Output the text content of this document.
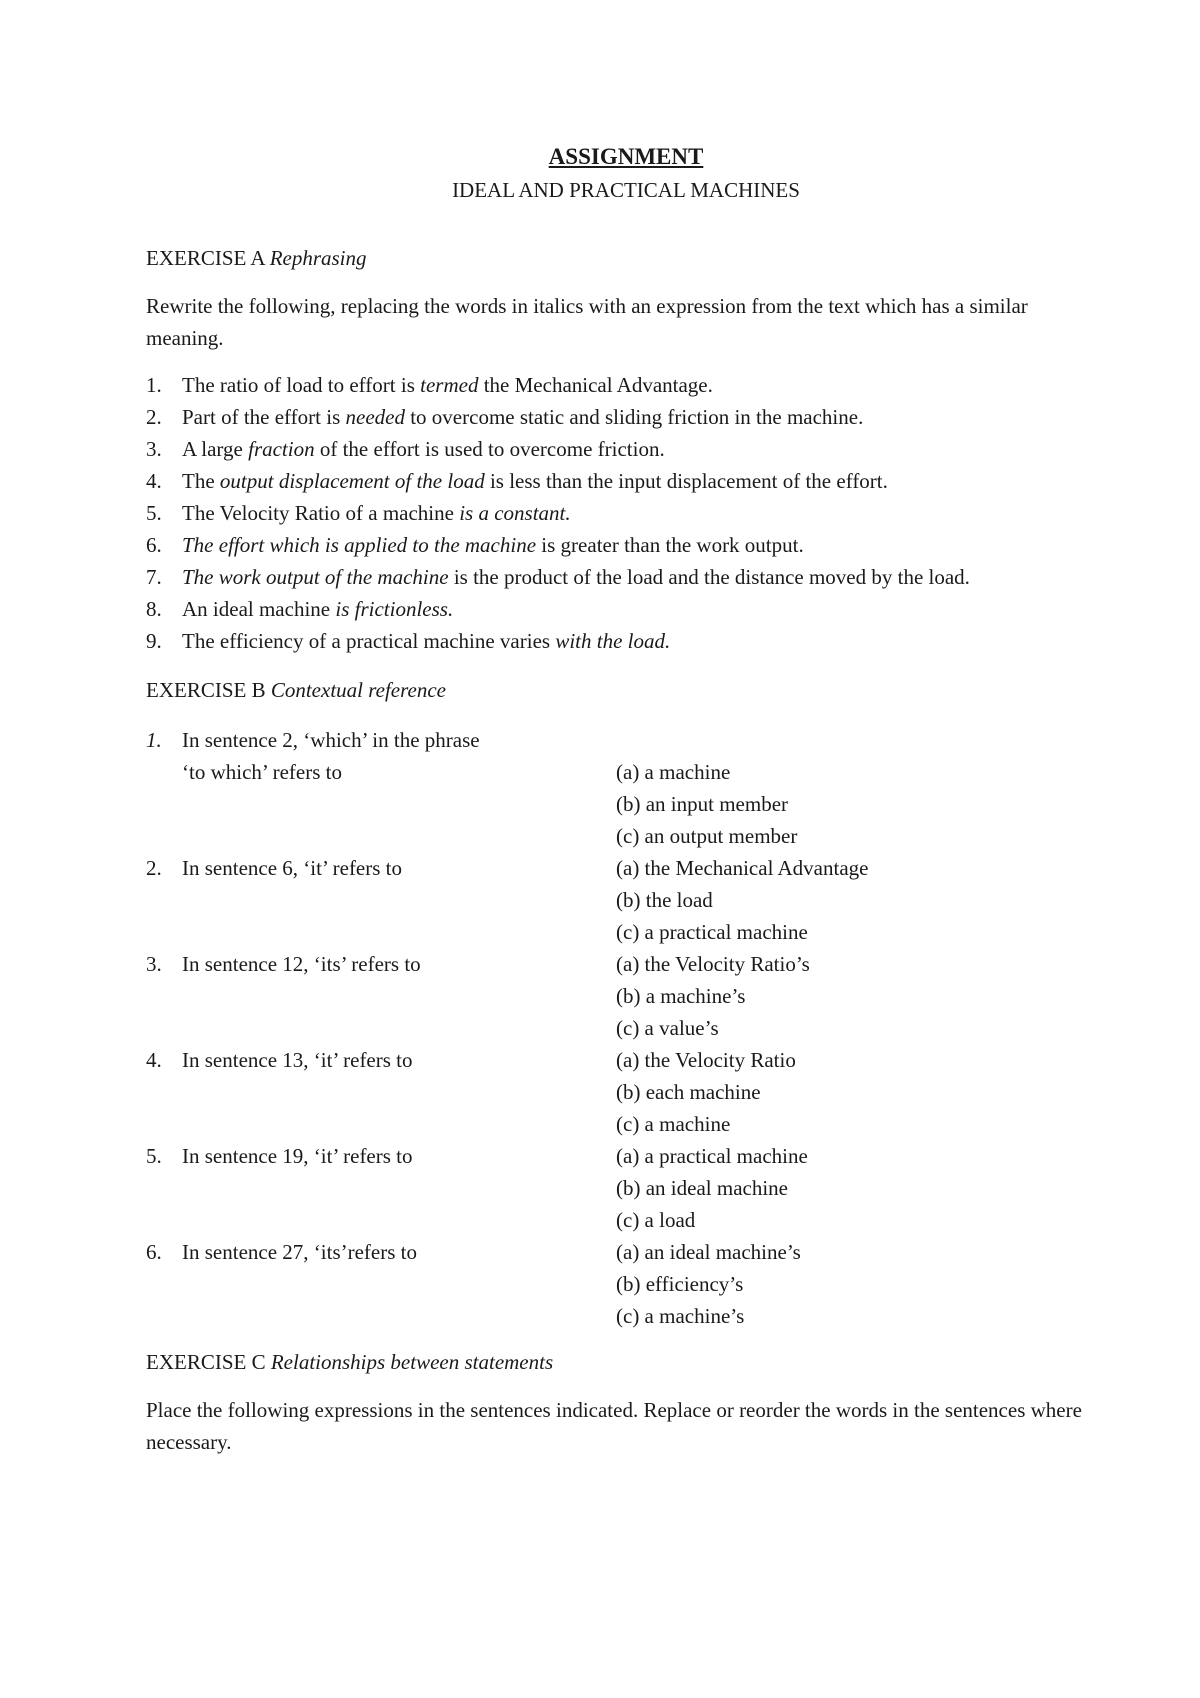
ASSIGNMENT

IDEAL AND PRACTICAL MACHINES

EXERCISE A Rephrasing

Rewrite the following, replacing the words in italics with an expression from the text which has a similar meaning.

1. The ratio of load to effort is termed the Mechanical Advantage.
2. Part of the effort is needed to overcome static and sliding friction in the machine.
3. A large fraction of the effort is used to overcome friction.
4. The output displacement of the load is less than the input displacement of the effort.
5. The Velocity Ratio of a machine is a constant.
6. The effort which is applied to the machine is greater than the work output.
7. The work output of the machine is the product of the load and the distance moved by the load.
8. An ideal machine is frictionless.
9. The efficiency of a practical machine varies with the load.
EXERCISE B Contextual reference
1. In sentence 2, ‘which’ in the phrase
‘to which’ refers to	(a) a machine
(b) an input member
(c) an output member
2. In sentence 6, ‘it’ refers to	(a) the Mechanical Advantage
(b) the load
(c) a practical machine
3. In sentence 12, ‘its’ refers to	(a) the Velocity Ratio’s
(b) a machine’s
(c) a value’s
4. In sentence 13, ‘it’ refers to	(a) the Velocity Ratio
(b) each machine
(c) a machine
5. In sentence 19, ‘it’ refers to	(a) a practical machine
(b) an ideal machine
(c) a load
6. In sentence 27, ‘its’refers to	(a) an ideal machine’s
(b) efficiency’s
(c) a machine’s
EXERCISE C Relationships between statements

Place the following expressions in the sentences indicated. Replace or reorder the words in the sentences where necessary.
